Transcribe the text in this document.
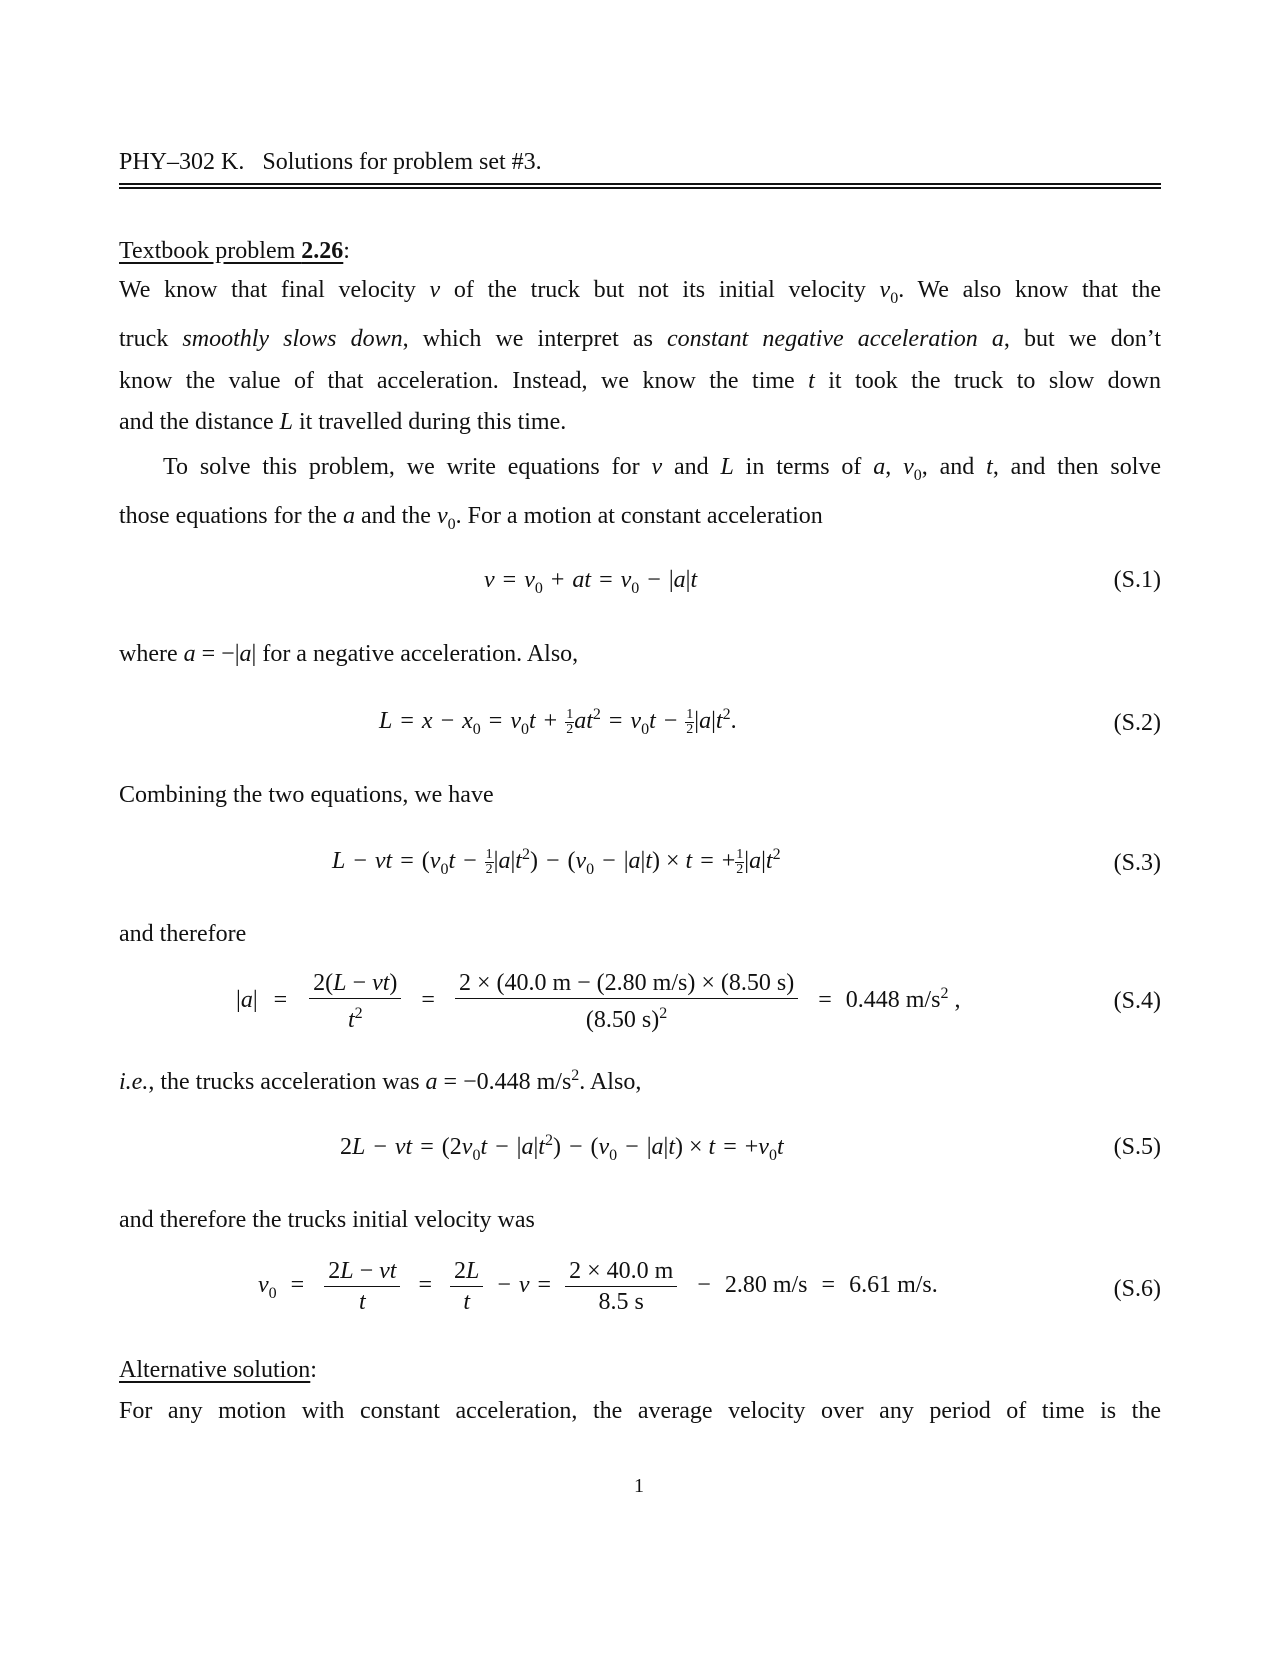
PHY–302 K. Solutions for problem set #3.
Textbook problem 2.26:
We know that final velocity v of the truck but not its initial velocity $v_0$. We also know that the
truck smoothly slows down, which we interpret as constant negative acceleration a, but we don’t
know the value of that acceleration. Instead, we know the time t it took the truck to slow down
and the distance L it travelled during this time.
To solve this problem, we write equations for v and L in terms of a, $v_0$, and t, and then solve
those equations for the a and the $v_0$. For a motion at constant acceleration
$v = v_0$ + at = $v_0 - |a|t$	(S.1)
where a = −|a| for a negative acceleration. Also,
$L = x - x_0 = v_0t + \frac{1}{2} at^2 = v_0t - \frac{1}{2} |a|t^2$.	(S.2)
Combining the two equations, we have
L − vt = $(v_0t - \frac{1}{2} |a|t^2) - (v_0 - |a|t) \times t$ = + $\frac{1}{2} |a|t^2$	(S.3)
and therefore
$|a| = \frac{2(L - vt)}{t^2} = \frac{2 \times (40.0 m - (2.80 m/s) \times (8.50 s)}{(8.50 s)^2} = 0.448$ $m/s^2$ ,	(S.4)
i.e., the trucks acceleration was a = −0.448 $m/s^2$. Also,
2L − vt = $(2v_0t - |a|t^2) - (v_0 - |a|t) \times t = +v_0t$	(S.5)
and therefore the trucks initial velocity was
$v_0 = \frac{2L - vt}{t} = \frac{2L}{t} - v = \frac{2 \times 40.0 m}{8.5 s} - 2.80$ m/s = 6.61 m/s.	(S.6)
Alternative solution:
For any motion with constant acceleration, the average velocity over any period of time is the
1
